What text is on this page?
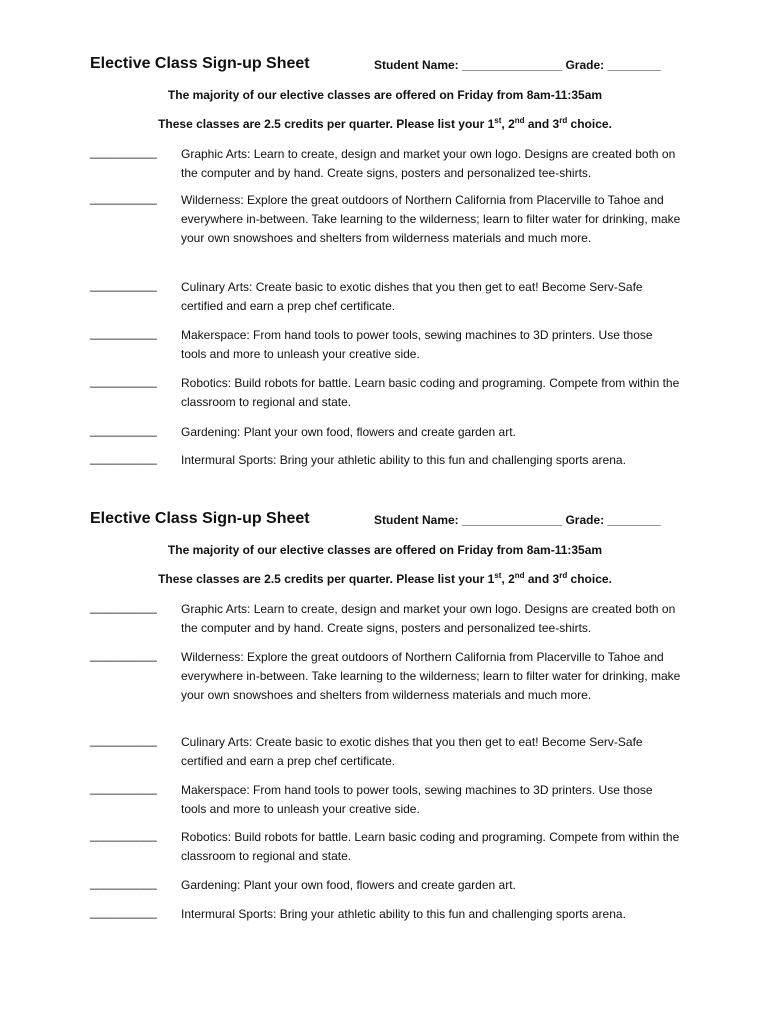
Elective Class Sign-up Sheet	Student Name: _______________ Grade: ________
The majority of our elective classes are offered on Friday from 8am-11:35am
These classes are 2.5 credits per quarter. Please list your 1st, 2nd and 3rd choice.
__________ Graphic Arts: Learn to create, design and market your own logo. Designs are created both on the computer and by hand. Create signs, posters and personalized tee-shirts.
__________ Wilderness: Explore the great outdoors of Northern California from Placerville to Tahoe and everywhere in-between. Take learning to the wilderness; learn to filter water for drinking, make your own snowshoes and shelters from wilderness materials and much more.
__________ Culinary Arts: Create basic to exotic dishes that you then get to eat! Become Serv-Safe certified and earn a prep chef certificate.
__________ Makerspace: From hand tools to power tools, sewing machines to 3D printers. Use those tools and more to unleash your creative side.
__________ Robotics: Build robots for battle. Learn basic coding and programing. Compete from within the classroom to regional and state.
__________ Gardening: Plant your own food, flowers and create garden art.
__________ Intermural Sports: Bring your athletic ability to this fun and challenging sports arena.
Elective Class Sign-up Sheet	Student Name: _______________ Grade: ________
The majority of our elective classes are offered on Friday from 8am-11:35am
These classes are 2.5 credits per quarter. Please list your 1st, 2nd and 3rd choice.
__________ Graphic Arts: Learn to create, design and market your own logo. Designs are created both on the computer and by hand. Create signs, posters and personalized tee-shirts.
__________ Wilderness: Explore the great outdoors of Northern California from Placerville to Tahoe and everywhere in-between. Take learning to the wilderness; learn to filter water for drinking, make your own snowshoes and shelters from wilderness materials and much more.
__________ Culinary Arts: Create basic to exotic dishes that you then get to eat! Become Serv-Safe certified and earn a prep chef certificate.
__________ Makerspace: From hand tools to power tools, sewing machines to 3D printers. Use those tools and more to unleash your creative side.
__________ Robotics: Build robots for battle. Learn basic coding and programing. Compete from within the classroom to regional and state.
__________ Gardening: Plant your own food, flowers and create garden art.
__________ Intermural Sports: Bring your athletic ability to this fun and challenging sports arena.
